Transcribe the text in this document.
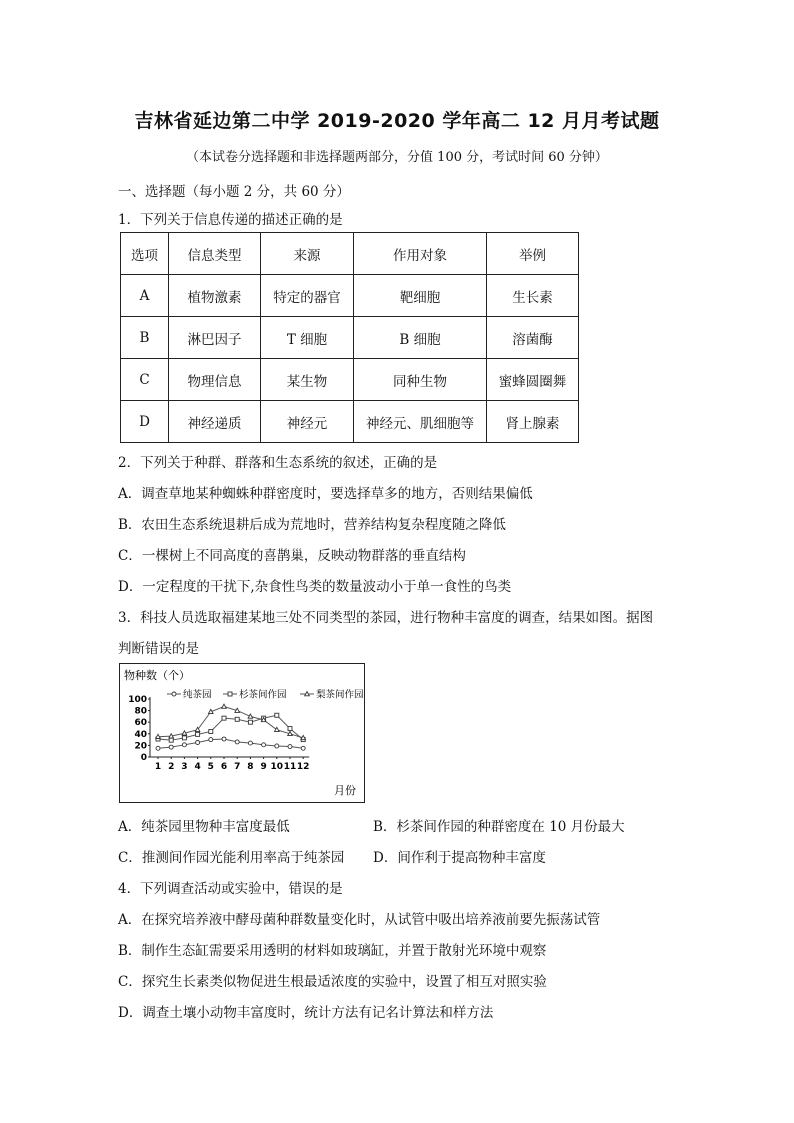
吉林省延边第二中学 2019-2020 学年高二 12 月月考试题
（本试卷分选择题和非选择题两部分，分值 100 分，考试时间 60 分钟）
一、选择题（每小题 2 分，共 60 分）
1．下列关于信息传递的描述正确的是
选项	信息类型	来源	作用对象	举例
A	植物激素	特定的器官	靶细胞	生长素
B	淋巴因子	T 细胞	B 细胞	溶菌酶
C	物理信息	某生物	同种生物	蜜蜂圆圈舞
D	神经递质	神经元	神经元、肌细胞等	肾上腺素
2．下列关于种群、群落和生态系统的叙述，正确的是
A．调查草地某种蜘蛛种群密度时，要选择草多的地方，否则结果偏低
B．农田生态系统退耕后成为荒地时，营养结构复杂程度随之降低
C．一棵树上不同高度的喜鹊巢，反映动物群落的垂直结构
D．一定程度的干扰下,杂食性鸟类的数量波动小于单一食性的鸟类
3．科技人员选取福建某地三处不同类型的茶园，进行物种丰富度的调查，结果如图。据图
判断错误的是
物种数（个）
月份
0
20
40
60
80
100
1 2 3 4 5 6 7 8 9 10 11 12
纯茶园	杉茶间作园	梨茶间作园
A．纯茶园里物种丰富度最低	B．杉茶间作园的种群密度在 10 月份最大
C．推测间作园光能利用率高于纯茶园 D．间作利于提高物种丰富度
4．下列调查活动或实验中，错误的是
A．在探究培养液中酵母菌种群数量变化时，从试管中吸出培养液前要先振荡试管
B．制作生态缸需要采用透明的材料如玻璃缸，并置于散射光环境中观察
C．探究生长素类似物促进生根最适浓度的实验中，设置了相互对照实验
D．调查土壤小动物丰富度时，统计方法有记名计算法和样方法
